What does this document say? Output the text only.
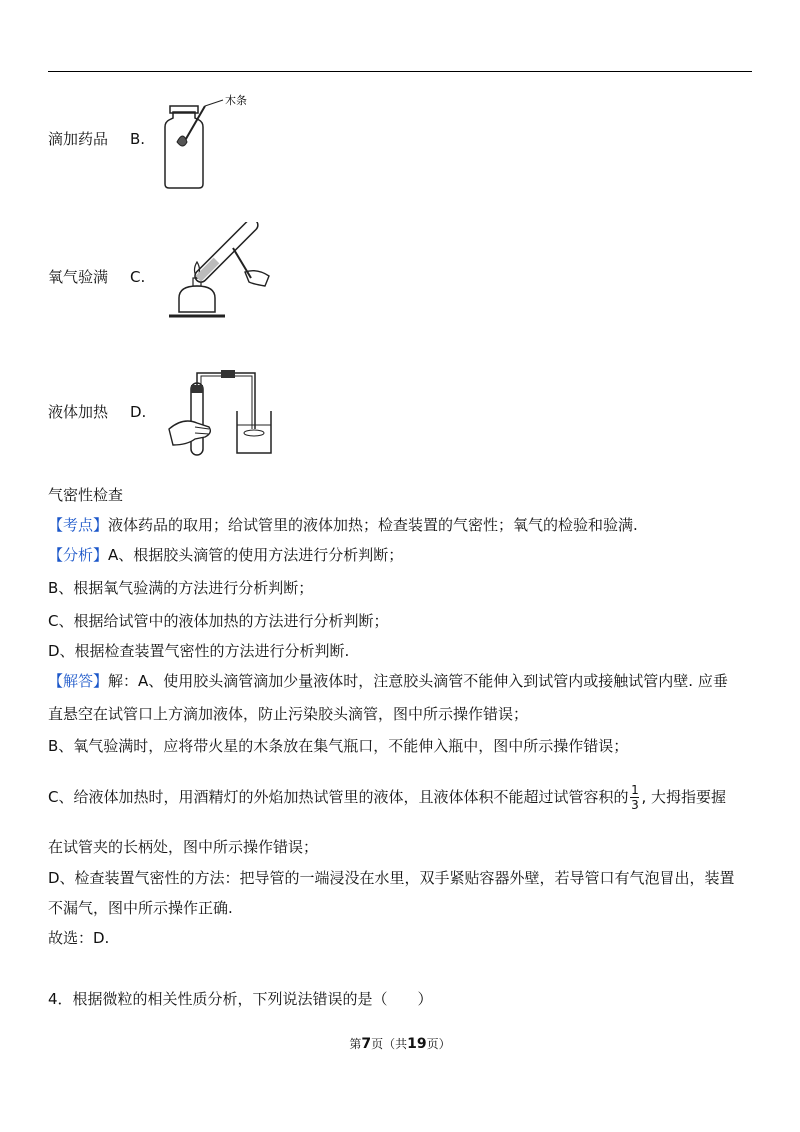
滴加药品	B.
木条
氧气验满	C.
液体加热	D.
气密性检查
【考点】液体药品的取用；给试管里的液体加热；检查装置的气密性；氧气的检验和验满.
【分析】A、根据胶头滴管的使用方法进行分析判断；
B、根据氧气验满的方法进行分析判断；
C、根据给试管中的液体加热的方法进行分析判断；
D、根据检查装置气密性的方法进行分析判断.
【解答】解：A、使用胶头滴管滴加少量液体时，注意胶头滴管不能伸入到试管内或接触试管内壁. 应垂
直悬空在试管口上方滴加液体，防止污染胶头滴管，图中所示操作错误；
B、氧气验满时，应将带火星的木条放在集气瓶口，不能伸入瓶中，图中所示操作错误；
C、给液体加热时，用酒精灯的外焰加热试管里的液体，且液体体积不能超过试管容积的 $\frac{1}{3}$ , 大拇指要握
在试管夹的长柄处，图中所示操作错误；
D、检查装置气密性的方法：把导管的一端浸没在水里，双手紧贴容器外壁，若导管口有气泡冒出，装置
不漏气，图中所示操作正确.
故选：D.
4．根据微粒的相关性质分析，下列说法错误的是（　　）
第7页（共19页）
